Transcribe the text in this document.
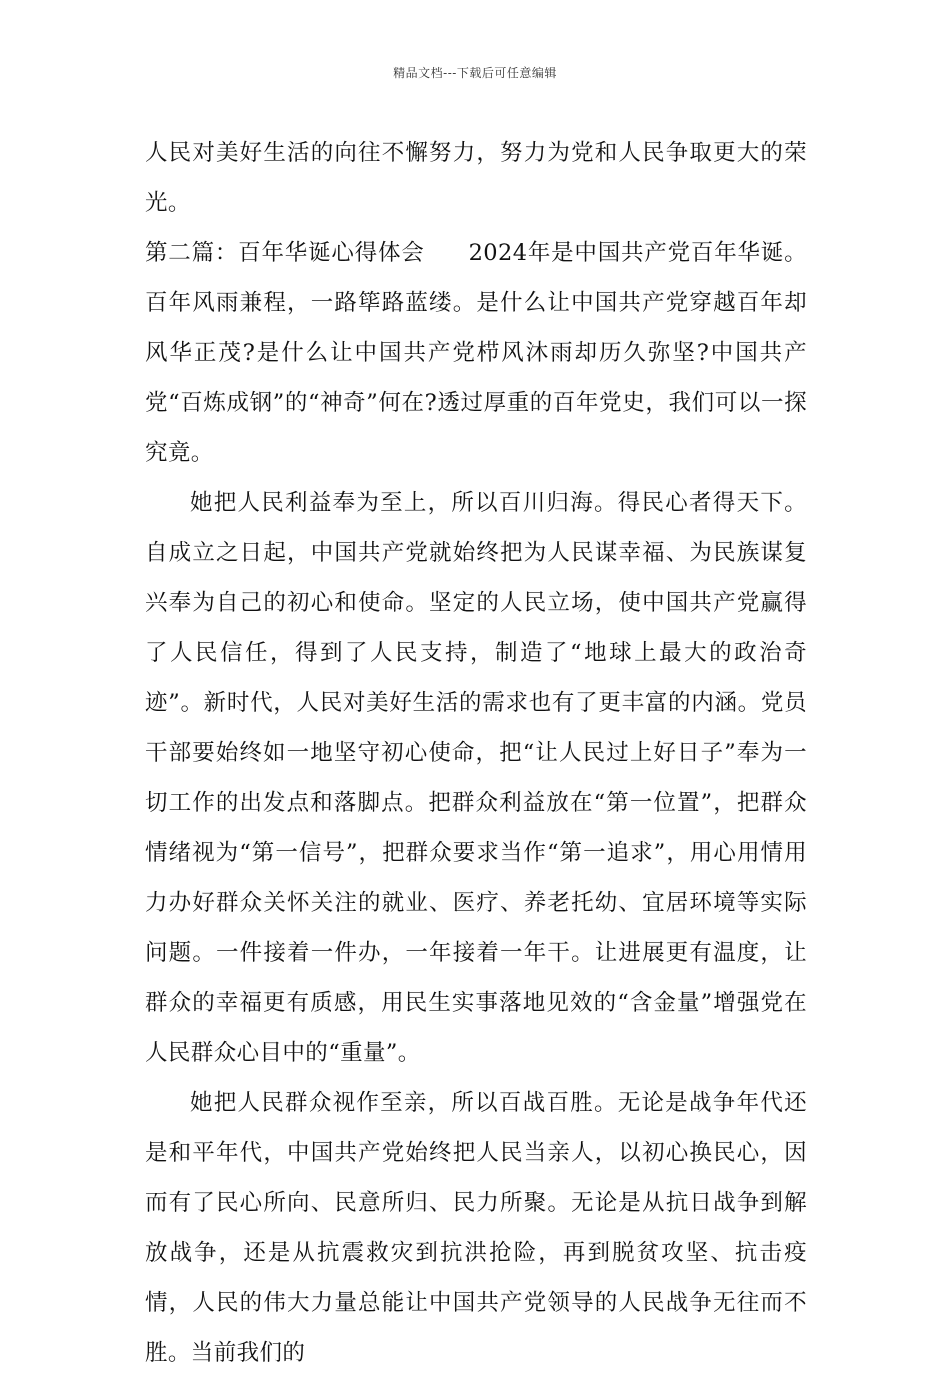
精品文档---下载后可任意编辑

人民对美好生活的向往不懈努力，努力为党和人民争取更大的荣光。

第二篇：百年华诞心得体会 2024年是中国共产党百年华诞。百年风雨兼程，一路筚路蓝缕。是什么让中国共产党穿越百年却风华正茂?是什么让中国共产党栉风沐雨却历久弥坚?中国共产党“百炼成钢”的“神奇”何在?透过厚重的百年党史，我们可以一探究竟。

她把人民利益奉为至上，所以百川归海。得民心者得天下。自成立之日起，中国共产党就始终把为人民谋幸福、为民族谋复兴奉为自己的初心和使命。坚定的人民立场，使中国共产党赢得了人民信任，得到了人民支持，制造了“地球上最大的政治奇迹”。新时代，人民对美好生活的需求也有了更丰富的内涵。党员干部要始终如一地坚守初心使命，把“让人民过上好日子”奉为一切工作的出发点和落脚点。把群众利益放在“第一位置”，把群众情绪视为“第一信号”，把群众要求当作“第一追求”，用心用情用力办好群众关怀关注的就业、医疗、养老托幼、宜居环境等实际问题。一件接着一件办，一年接着一年干。让进展更有温度，让群众的幸福更有质感，用民生实事落地见效的“含金量”增强党在人民群众心目中的“重量”。

她把人民群众视作至亲，所以百战百胜。无论是战争年代还是和平年代，中国共产党始终把人民当亲人，以初心换民心，因而有了民心所向、民意所归、民力所聚。无论是从抗日战争到解放战争，还是从抗震救灾到抗洪抢险，再到脱贫攻坚、抗击疫情，人民的伟大力量总能让中国共产党领导的人民战争无往而不胜。当前我们的
